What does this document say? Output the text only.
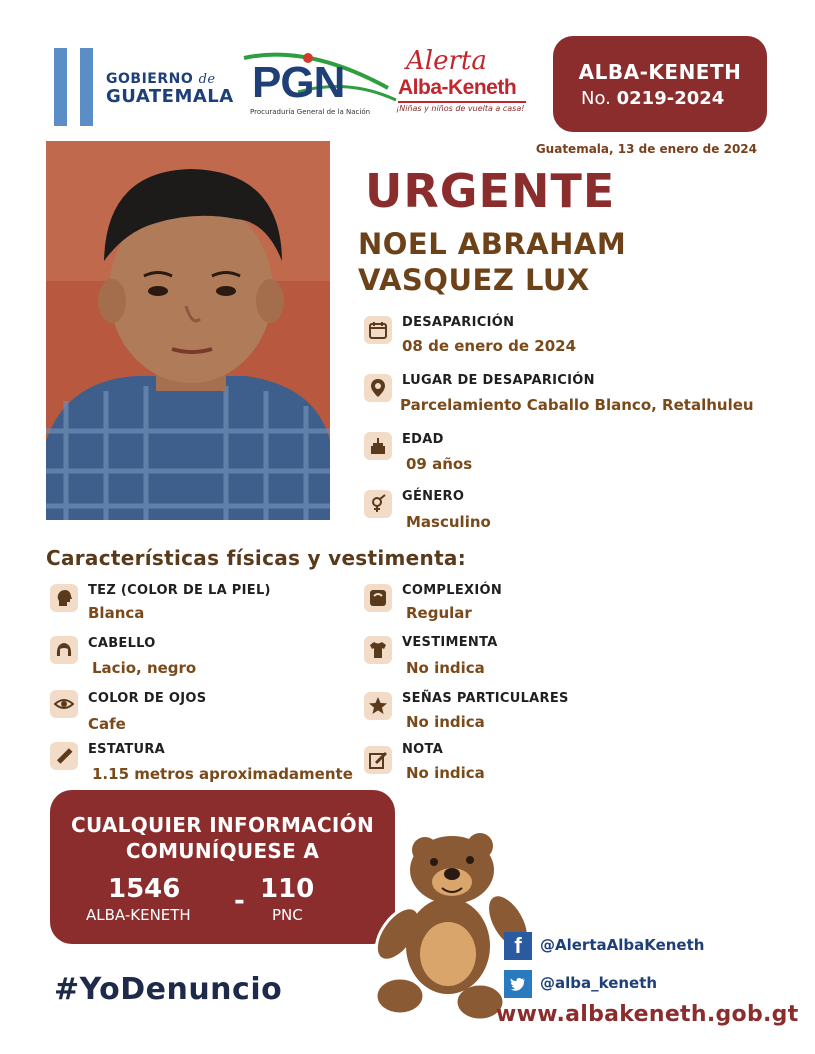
GOBIERNO de
GUATEMALA PGN
Procuraduría General de la Nación
Alerta
Alba-Keneth
¡Niñas y niños de vuelta a casa!
ALBA-KENETH
No. 0219-2024
Guatemala, 13 de enero de 2024
URGENTE
NOEL ABRAHAM
VASQUEZ LUX
DESAPARICIÓN
08 de enero de 2024
LUGAR DE DESAPARICIÓN
Parcelamiento Caballo Blanco, Retalhuleu
EDAD
09 años
GÉNERO
Masculino
Características físicas y vestimenta:
TEZ (COLOR DE LA PIEL)
Blanca
CABELLO
Lacio, negro
COLOR DE OJOS
Cafe
ESTATURA
1.15 metros aproximadamente
COMPLEXIÓN
Regular
VESTIMENTA
No indica
SEÑAS PARTICULARES
No indica
NOTA
No indica
CUALQUIER INFORMACIÓN
COMUNÍQUESE A
1546
ALBA-KENETH - 110
PNC
#YoDenuncio
f	@AlertaAlbaKeneth
@alba_keneth
www.albakeneth.gob.gt
